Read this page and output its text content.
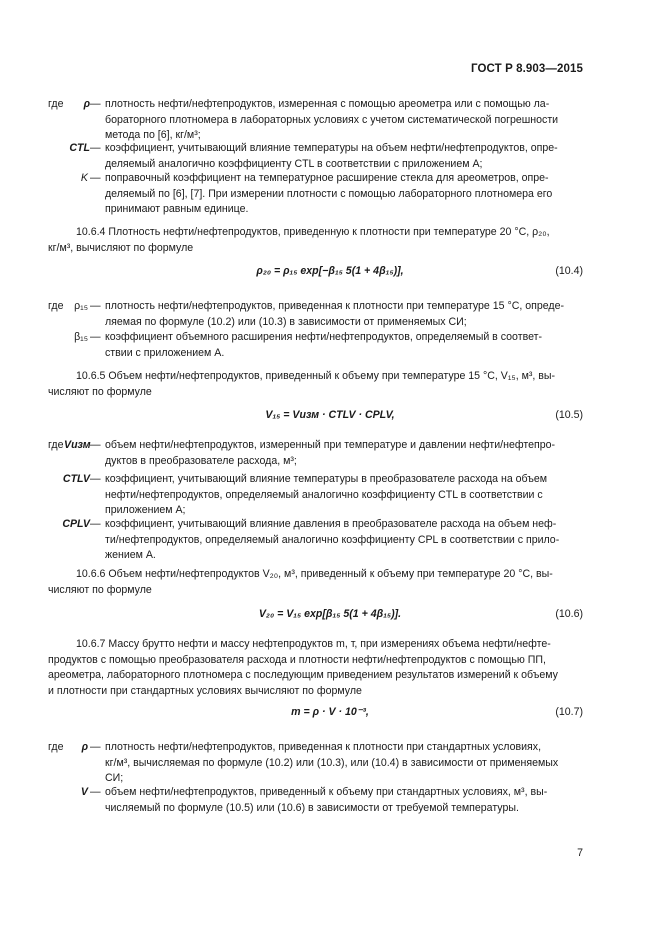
ГОСТ Р 8.903—2015
где	ρ — плотность нефти/нефтепродуктов, измеренная с помощью ареометра или с помощью ла-
бораторного плотномера в лабораторных условиях с учетом систематической погрешности
метода по [6], кг/м³;
CTL — коэффициент, учитывающий влияние температуры на объем нефти/нефтепродуктов, опре-
деляемый аналогично коэффициенту CTL в соответствии с приложением А;
K — поправочный коэффициент на температурное расширение стекла для ареометров, опре-
деляемый по [6], [7]. При измерении плотности с помощью лабораторного плотномера его
принимают равным единице.
10.6.4 Плотность нефти/нефтепродуктов, приведенную к плотности при температуре 20 °С, ρ₂₀,
кг/м³, вычисляют по формуле
ρ₂₀ = ρ₁₅ exp[−β₁₅ 5(1 + 4β₁₅)],	(10.4)
где	ρ₁₅ — плотность нефти/нефтепродуктов, приведенная к плотности при температуре 15 °С, опреде-
ляемая по формуле (10.2) или (10.3) в зависимости от применяемых СИ;
β₁₅ — коэффициент объемного расширения нефти/нефтепродуктов, определяемый в соответ-
ствии с приложением А.
10.6.5 Объем нефти/нефтепродуктов, приведенный к объему при температуре 15 °С, V₁₅, м³, вы-
числяют по формуле
V₁₅ = Vизм · CTLV · CPLV,	(10.5)
где Vизм — объем нефти/нефтепродуктов, измеренный при температуре и давлении нефти/нефтепро-
дуктов в преобразователе расхода, м³;
CTLV — коэффициент, учитывающий влияние температуры в преобразователе расхода на объем
нефти/нефтепродуктов, определяемый аналогично коэффициенту CTL в соответствии с
приложением А;
CPLV — коэффициент, учитывающий влияние давления в преобразователе расхода на объем неф-
ти/нефтепродуктов, определяемый аналогично коэффициенту CPL в соответствии с прило-
жением А.
10.6.6 Объем нефти/нефтепродуктов V₂₀, м³, приведенный к объему при температуре 20 °С, вы-
числяют по формуле
V₂₀ = V₁₅ exp[β₁₅ 5(1 + 4β₁₅)].	(10.6)
10.6.7 Массу брутто нефти и массу нефтепродуктов m, т, при измерениях объема нефти/нефте-
продуктов с помощью преобразователя расхода и плотности нефти/нефтепродуктов с помощью ПП,
ареометра, лабораторного плотномера с последующим приведением результатов измерений к объему
и плотности при стандартных условиях вычисляют по формуле
m = ρ · V · 10⁻³,	(10.7)
где	ρ — плотность нефти/нефтепродуктов, приведенная к плотности при стандартных условиях,
кг/м³, вычисляемая по формуле (10.2) или (10.3), или (10.4) в зависимости от применяемых
СИ;
V — объем нефти/нефтепродуктов, приведенный к объему при стандартных условиях, м³, вы-
числяемый по формуле (10.5) или (10.6) в зависимости от требуемой температуры.
7
